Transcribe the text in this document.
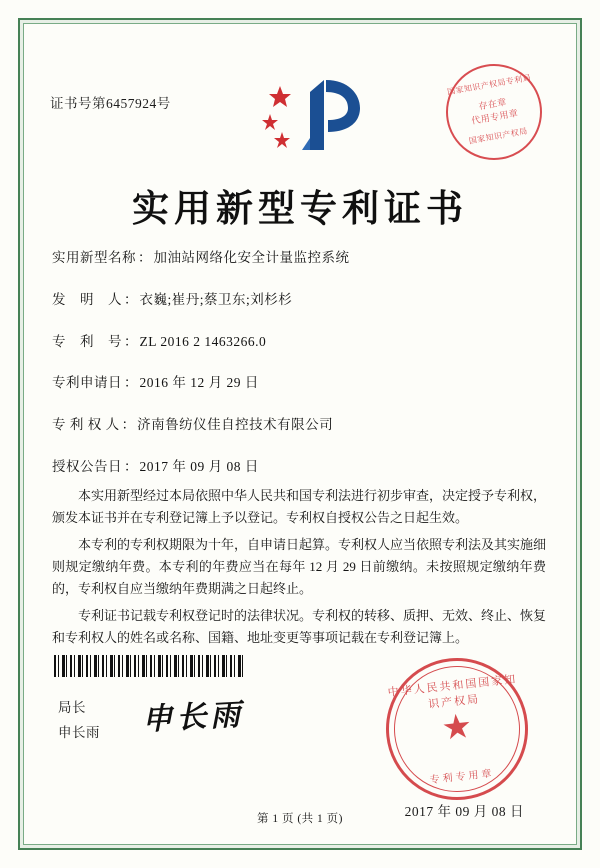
证书号第6457924号
国家知识产权局专利局
存在章
代用专用章
国家知识产权局
实用新型专利证书
实用新型名称 ： 加油站网络化安全计量监控系统
发　明　人 ： 衣巍;崔丹;蔡卫东;刘杉杉
专　利　号 ： ZL 2016 2 1463266.0
专利申请日 ： 2016 年 12 月 29 日
专 利 权 人 ： 济南鲁纺仪佳自控技术有限公司
授权公告日 ： 2017 年 09 月 08 日

本实用新型经过本局依照中华人民共和国专利法进行初步审查，决定授予专利权，颁发本证书并在专利登记簿上予以登记。专利权自授权公告之日起生效。

本专利的专利权期限为十年，自申请日起算。专利权人应当依照专利法及其实施细则规定缴纳年费。本专利的年费应当在每年 12 月 29 日前缴纳。未按照规定缴纳年费的，专利权自应当缴纳年费期满之日起终止。

专利证书记载专利权登记时的法律状况。专利权的转移、质押、无效、终止、恢复和专利权人的姓名或名称、国籍、地址变更等事项记载在专利登记簿上。

局长
申长雨 申长雨
中华人民共和国国家知识产权局
★
专利专用章
2017 年 09 月 08 日
第 1 页 (共 1 页)
